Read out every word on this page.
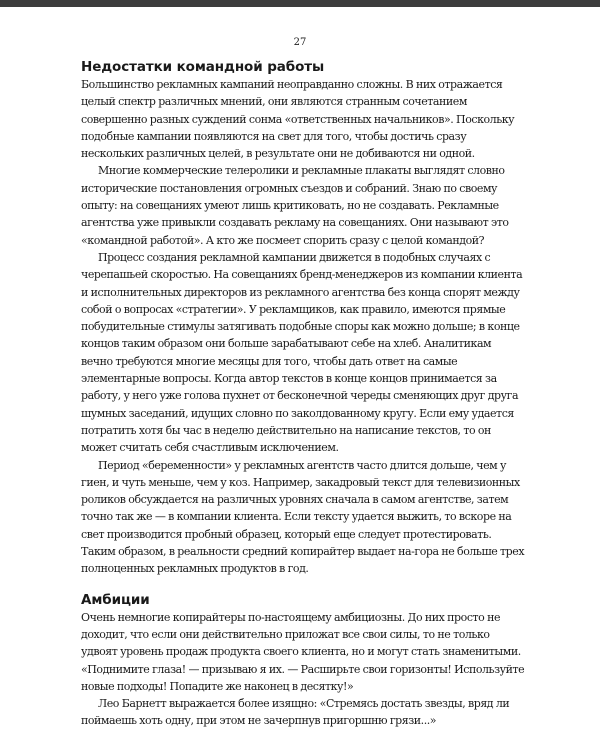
27
Недостатки командной работы

Большинство рекламных кампаний неоправданно сложны. В них отражается целый спектр различных мнений, они являются странным сочетанием совершенно разных суждений сонма «ответственных начальников». Поскольку подобные кампании появляются на свет для того, чтобы достичь сразу нескольких различных целей, в результате они не добиваются ни одной.

Многие коммерческие телеролики и рекламные плакаты выглядят словно исторические постановления огромных съездов и собраний. Знаю по своему опыту: на совещаниях умеют лишь критиковать, но не создавать. Рекламные агентства уже привыкли создавать рекламу на совещаниях. Они называют это «командной работой». А кто же посмеет спорить сразу с целой командой?

Процесс создания рекламной кампании движется в подобных случаях с черепашьей скоростью. На совещаниях бренд-менеджеров из компании клиента и исполнительных директоров из рекламного агентства без конца спорят между собой о вопросах «стратегии». У рекламщиков, как правило, имеются прямые побудительные стимулы затягивать подобные споры как можно дольше; в конце концов таким образом они больше зарабатывают себе на хлеб. Аналитикам вечно требуются многие месяцы для того, чтобы дать ответ на самые элементарные вопросы. Когда автор текстов в конце концов принимается за работу, у него уже голова пухнет от бесконечной череды сменяющих друг друга шумных заседаний, идущих словно по заколдованному кругу. Если ему удается потратить хотя бы час в неделю действительно на написание текстов, то он может считать себя счастливым исключением.

Период «беременности» у рекламных агентств часто длится дольше, чем у гиен, и чуть меньше, чем у коз. Например, закадровый текст для телевизионных роликов обсуждается на различных уровнях сначала в самом агентстве, затем точно так же — в компании клиента. Если тексту удается выжить, то вскоре на свет производится пробный образец, который еще следует протестировать. Таким образом, в реальности средний копирайтер выдает на-гора не больше трех полноценных рекламных продуктов в год.

Амбиции

Очень немногие копирайтеры по-настоящему амбициозны. До них просто не доходит, что если они действительно приложат все свои силы, то не только удвоят уровень продаж продукта своего клиента, но и могут стать знаменитыми. «Поднимите глаза! — призываю я их. — Расширьте свои горизонты! Используйте новые подходы! Попадите же наконец в десятку!»

Лео Барнетт выражается более изящно: «Стремясь достать звезды, вряд ли поймаешь хоть одну, при этом не зачерпнув пригоршню грязи...»
